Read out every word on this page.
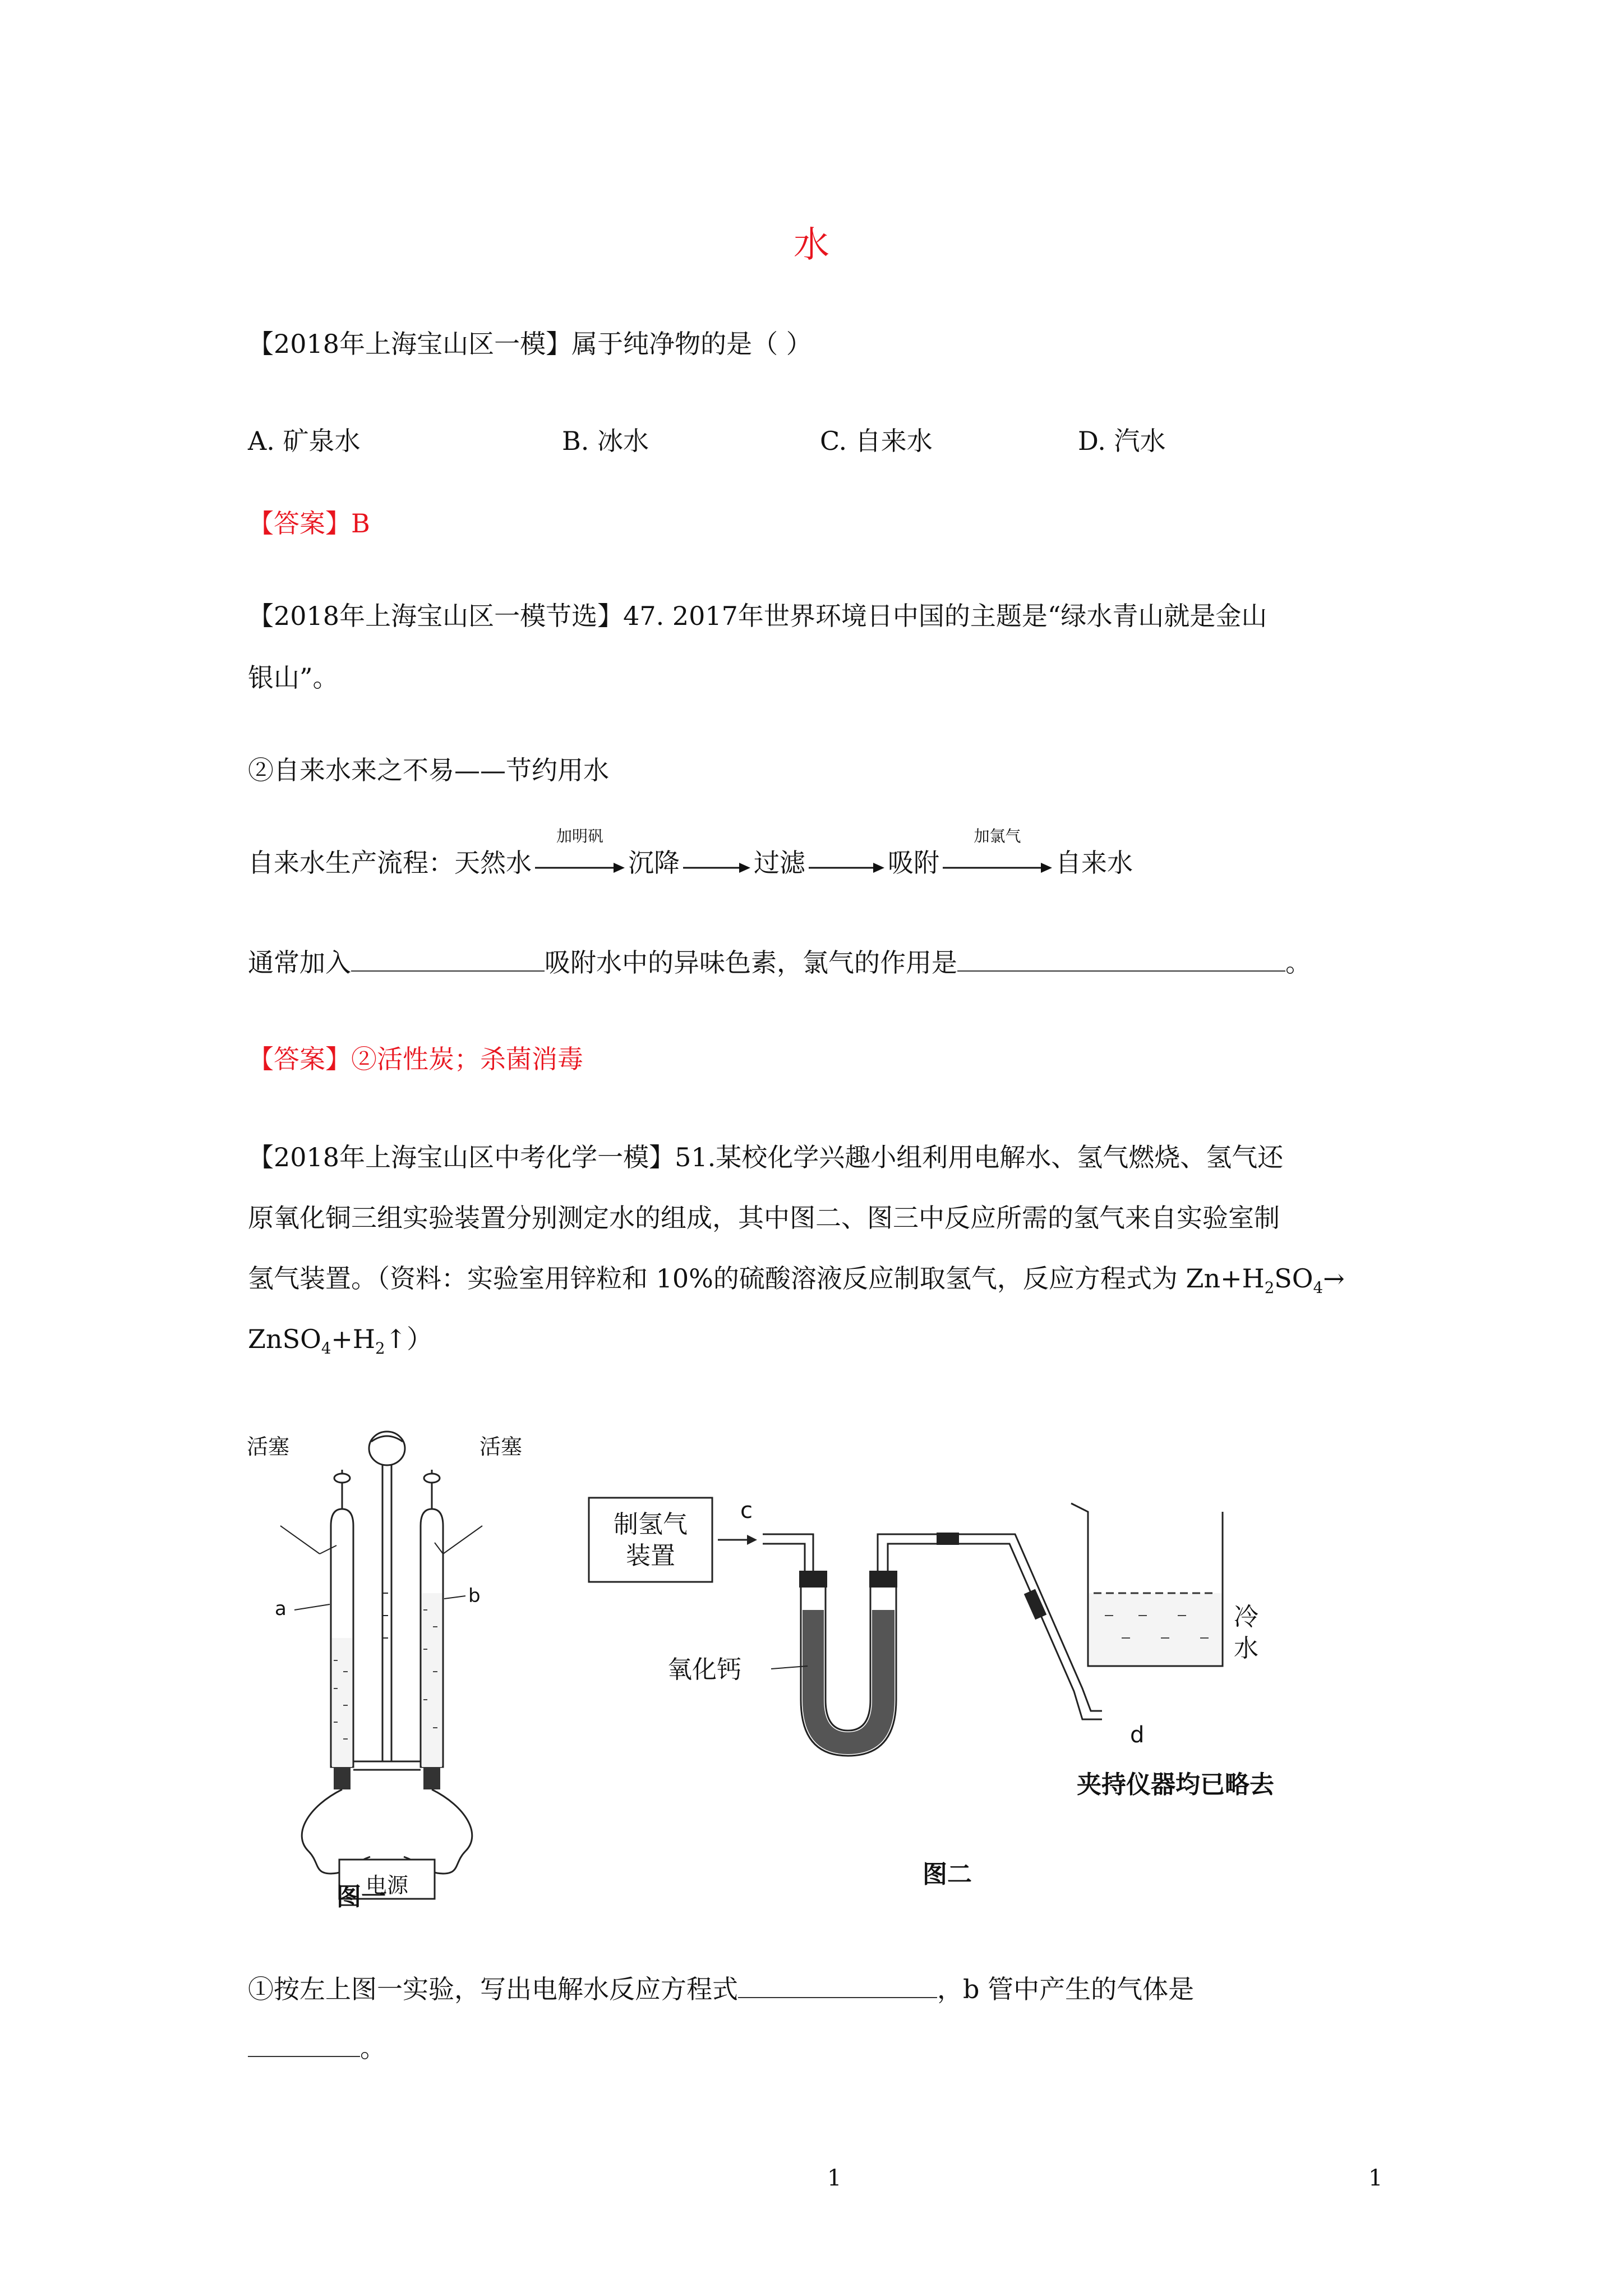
水
【2018年上海宝山区一模】属于纯净物的是（ ）
A. 矿泉水	B. 冰水	C. 自来水	D. 汽水
【答案】B
【2018年上海宝山区一模节选】47. 2017年世界环境日中国的主题是“绿水青山就是金山
银山”。
②自来水来之不易——节约用水
自来水生产流程：天然水
加明矾
沉降	过滤	吸附
加氯气
自来水
通常加入	吸附水中的异味色素，氯气的作用是	。
【答案】②活性炭；杀菌消毒
【2018年上海宝山区中考化学一模】51.某校化学兴趣小组利用电解水、氢气燃烧、氢气还
原氧化铜三组实验装置分别测定水的组成，其中图二、图三中反应所需的氢气来自实验室制
氢气装置。（资料：实验室用锌粒和 10%的硫酸溶液反应制取氢气，反应方程式为 $Zn+H_2SO_4\to$
$ZnSO_4+H_2↑$）
活塞	活塞
a
b
电源
图一
制氢气
装置
c
氧化钙
冷
水
d
夹持仪器均已略去
图二
①按左上图一实验，写出电解水反应方程式	，b 管中产生的气体是
。
1	1
